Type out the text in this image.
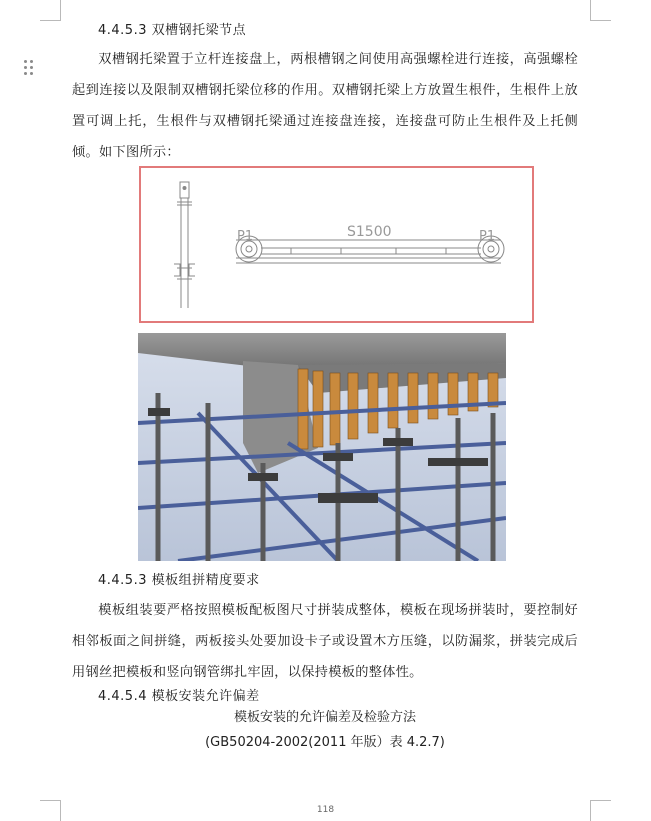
4.4.5.3 双槽钢托梁节点
双槽钢托梁置于立杆连接盘上，两根槽钢之间使用高强螺栓进行连接，高强螺栓起到连接以及限制双槽钢托梁位移的作用。双槽钢托梁上方放置生根件，生根件上放置可调上托，生根件与双槽钢托梁通过连接盘连接，连接盘可防止生根件及上托侧倾。如下图所示：
P1	P1
S1500
4.4.5.3 模板组拼精度要求
模板组装要严格按照模板配板图尺寸拼装成整体，模板在现场拼装时，要控制好相邻板面之间拼缝，两板接头处要加设卡子或设置木方压缝，以防漏浆，拼装完成后用钢丝把模板和竖向钢管绑扎牢固，以保持模板的整体性。
4.4.5.4 模板安装允许偏差
模板安装的允许偏差及检验方法
(GB50204-2002(2011 年版）表 4.2.7)
118
